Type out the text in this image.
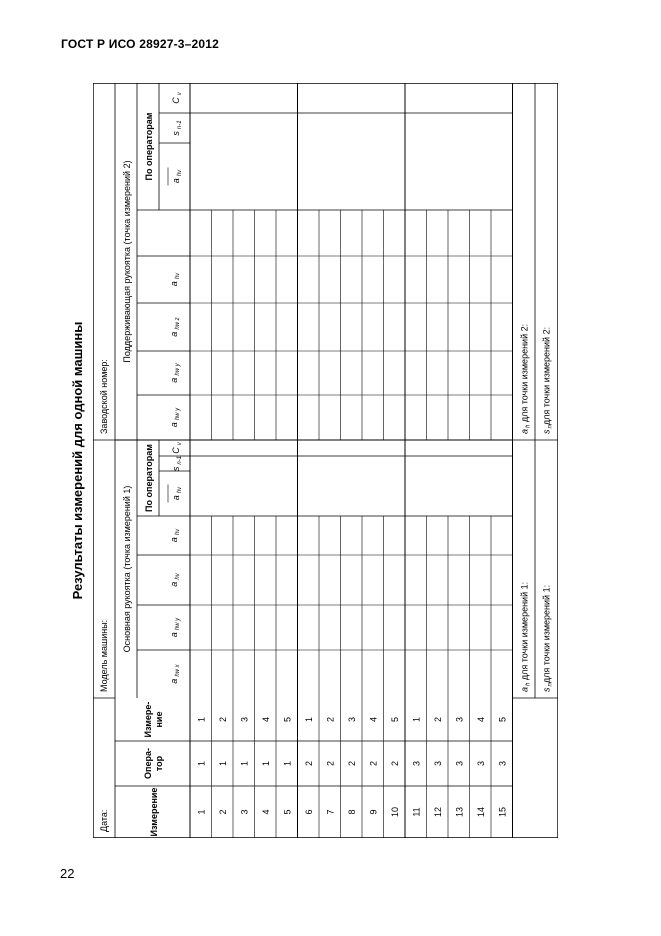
ГОСТ Р ИСО 28927-3–2012
Результаты измерений для одной машины
Дата:
Модель машины:
Заводской номер:
Основная рукоятка (точка измерений 1)
Поддерживающая рукоятка (точка измерений 2)
По операторам
По операторам
Измерение
Опера- тор
Измере- ние
$a_{hw x}$
$a_{hw y}$
$a_{hv}$
$a_{hv}$
$a_{hv}$
$s_{n-1}$
$C_v$
$a_{hw y}$
$a_{hw y}$
$a_{hw z}$
$a_{hv}$
$a_{hv}$
$s_{n-1}$
$C_v$
1
1
1
2
1
2
3
1
3
4
1
4
5
1
5
6
2
1
7
2
2
8
2
3
9
2
4
10
2
5
11
3
1
12
3
2
13
3
3
14
3
4
15
3
5
$a_h$ для точки измерений 1:
$s_nдля$ точки измерений 1:
$a_h$ для точки измерений 2:
$s_nдля$ точки измерений 2:
22
